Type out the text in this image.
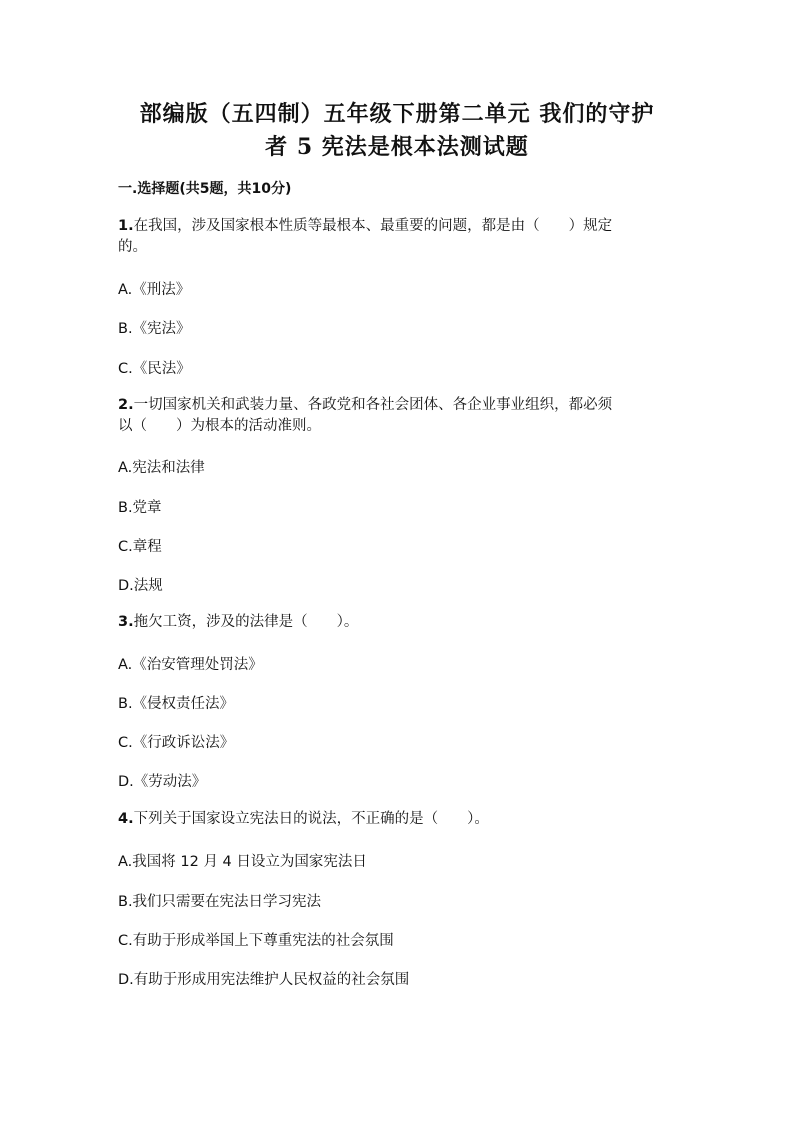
部编版（五四制）五年级下册第二单元 我们的守护
者 5 宪法是根本法测试题
一.选择题(共5题，共10分)
1.在我国，涉及国家根本性质等最根本、最重要的问题，都是由（　　）规定
的。
A.《刑法》
B.《宪法》
C.《民法》
2.一切国家机关和武装力量、各政党和各社会团体、各企业事业组织，都必须
以（　　）为根本的活动准则。
A.宪法和法律
B.党章
C.章程
D.法规
3.拖欠工资，涉及的法律是（　　）。
A.《治安管理处罚法》
B.《侵权责任法》
C.《行政诉讼法》
D.《劳动法》
4.下列关于国家设立宪法日的说法，不正确的是（　　）。
A.我国将 12 月 4 日设立为国家宪法日
B.我们只需要在宪法日学习宪法
C.有助于形成举国上下尊重宪法的社会氛围
D.有助于形成用宪法维护人民权益的社会氛围
